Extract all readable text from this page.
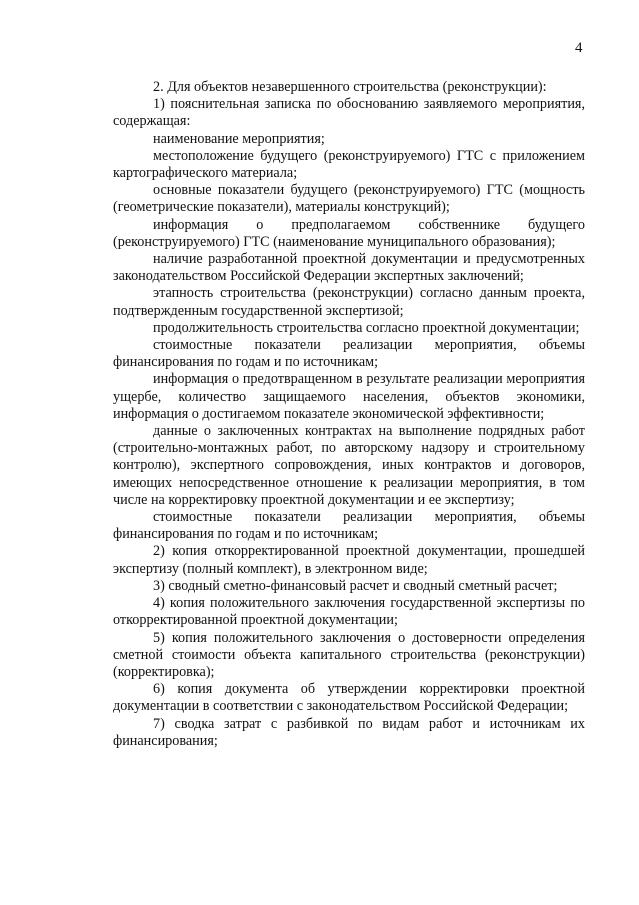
4

2. Для объектов незавершенного строительства (реконструкции):

1) пояснительная записка по обоснованию заявляемого мероприятия, содержащая:

наименование мероприятия;

местоположение будущего (реконструируемого) ГТС с приложением картографического материала;

основные показатели будущего (реконструируемого) ГТС (мощность (геометрические показатели), материалы конструкций);

информация о предполагаемом собственнике будущего (реконструируемого) ГТС (наименование муниципального образования);

наличие разработанной проектной документации и предусмотренных законодательством Российской Федерации экспертных заключений;

этапность строительства (реконструкции) согласно данным проекта, подтвержденным государственной экспертизой;

продолжительность строительства согласно проектной документации;

стоимостные показатели реализации мероприятия, объемы финансирования по годам и по источникам;

информация о предотвращенном в результате реализации мероприятия ущербе, количество защищаемого населения, объектов экономики, информация о достигаемом показателе экономической эффективности;

данные о заключенных контрактах на выполнение подрядных работ (строительно-монтажных работ, по авторскому надзору и строительному контролю), экспертного сопровождения, иных контрактов и договоров, имеющих непосредственное отношение к реализации мероприятия, в том числе на корректировку проектной документации и ее экспертизу;

стоимостные показатели реализации мероприятия, объемы финансирования по годам и по источникам;

2) копия откорректированной проектной документации, прошедшей экспертизу (полный комплект), в электронном виде;

3) сводный сметно-финансовый расчет и сводный сметный расчет;

4) копия положительного заключения государственной экспертизы по откорректированной проектной документации;

5) копия положительного заключения о достоверности определения сметной стоимости объекта капитального строительства (реконструкции) (корректировка);

6) копия документа об утверждении корректировки проектной документации в соответствии с законодательством Российской Федерации;

7) сводка затрат с разбивкой по видам работ и источникам их финансирования;
